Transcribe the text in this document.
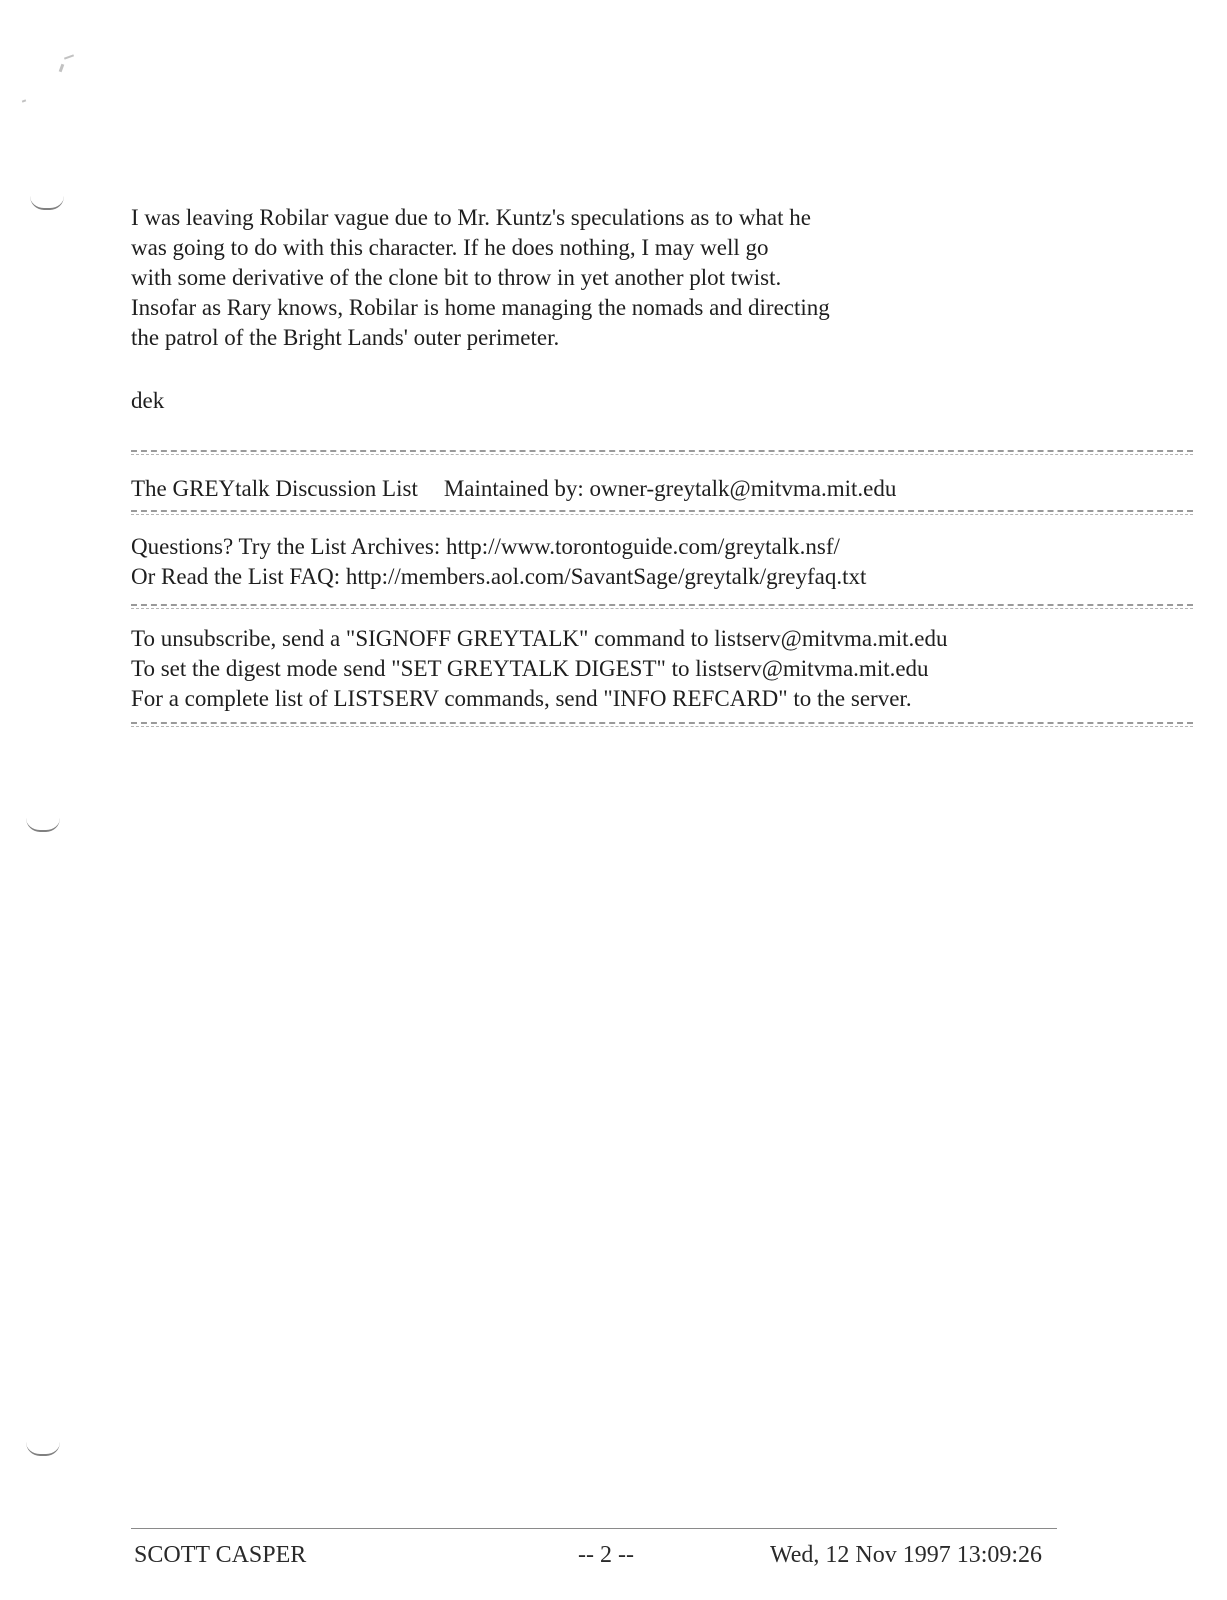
I was leaving Robilar vague due to Mr. Kuntz's speculations as to what he
was going to do with this character. If he does nothing, I may well go
with some derivative of the clone bit to throw in yet another plot twist.
Insofar as Rary knows, Robilar is home managing the nomads and directing
the patrol of the Bright Lands' outer perimeter.
dek
The GREYtalk Discussion List Maintained by: owner-greytalk@mitvma.mit.edu
Questions? Try the List Archives: http://www.torontoguide.com/greytalk.nsf/
Or Read the List FAQ: http://members.aol.com/SavantSage/greytalk/greyfaq.txt
To unsubscribe, send a "SIGNOFF GREYTALK" command to listserv@mitvma.mit.edu
To set the digest mode send "SET GREYTALK DIGEST" to listserv@mitvma.mit.edu
For a complete list of LISTSERV commands, send "INFO REFCARD" to the server.
SCOTT CASPER	-- 2 --	Wed, 12 Nov 1997 13:09:26
